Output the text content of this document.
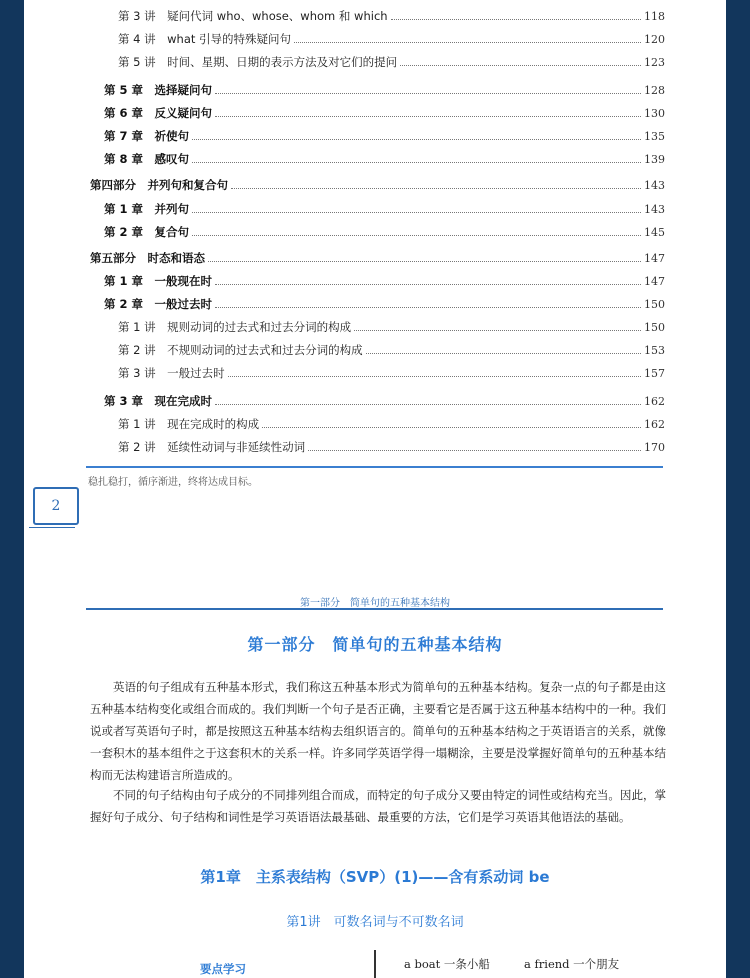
第 3 讲　疑问代词 who、whose、whom 和 which	118
第 4 讲　what 引导的特殊疑问句	120
第 5 讲　时间、星期、日期的表示方法及对它们的提问	123
第 5 章　选择疑问句	128
第 6 章　反义疑问句	130
第 7 章　祈使句	135
第 8 章　感叹句	139
第四部分　并列句和复合句	143
第 1 章　并列句	143
第 2 章　复合句	145
第五部分　时态和语态	147
第 1 章　一般现在时	147
第 2 章　一般过去时	150
第 1 讲　规则动词的过去式和过去分词的构成	150
第 2 讲　不规则动词的过去式和过去分词的构成	153
第 3 讲　一般过去时	157
第 3 章　现在完成时	162
第 1 讲　现在完成时的构成	162
第 2 讲　延续性动词与非延续性动词	170
稳扎稳打，循序渐进，终将达成目标。
2
第一部分　简单句的五种基本结构
第一部分　简单句的五种基本结构
英语的句子组成有五种基本形式，我们称这五种基本形式为简单句的五种基本结构。复杂一点的句子都是由这五种基本结构变化或组合而成的。我们判断一个句子是否正确，主要看它是否属于这五种基本结构中的一种。我们说或者写英语句子时，都是按照这五种基本结构去组织语言的。简单句的五种基本结构之于英语语言的关系，就像一套积木的基本组件之于这套积木的关系一样。许多同学英语学得一塌糊涂，主要是没掌握好简单句的五种基本结构而无法构建语言所造成的。
不同的句子结构由句子成分的不同排列组合而成，而特定的句子成分又要由特定的词性或结构充当。因此，掌握好句子成分、句子结构和词性是学习英语语法最基础、最重要的方法，它们是学习英语其他语法的基础。
第1章　主系表结构（SVP）(1)——含有系动词 be
第1讲　可数名词与不可数名词
要点学习	a boat 一条小船	a friend 一个朋友
